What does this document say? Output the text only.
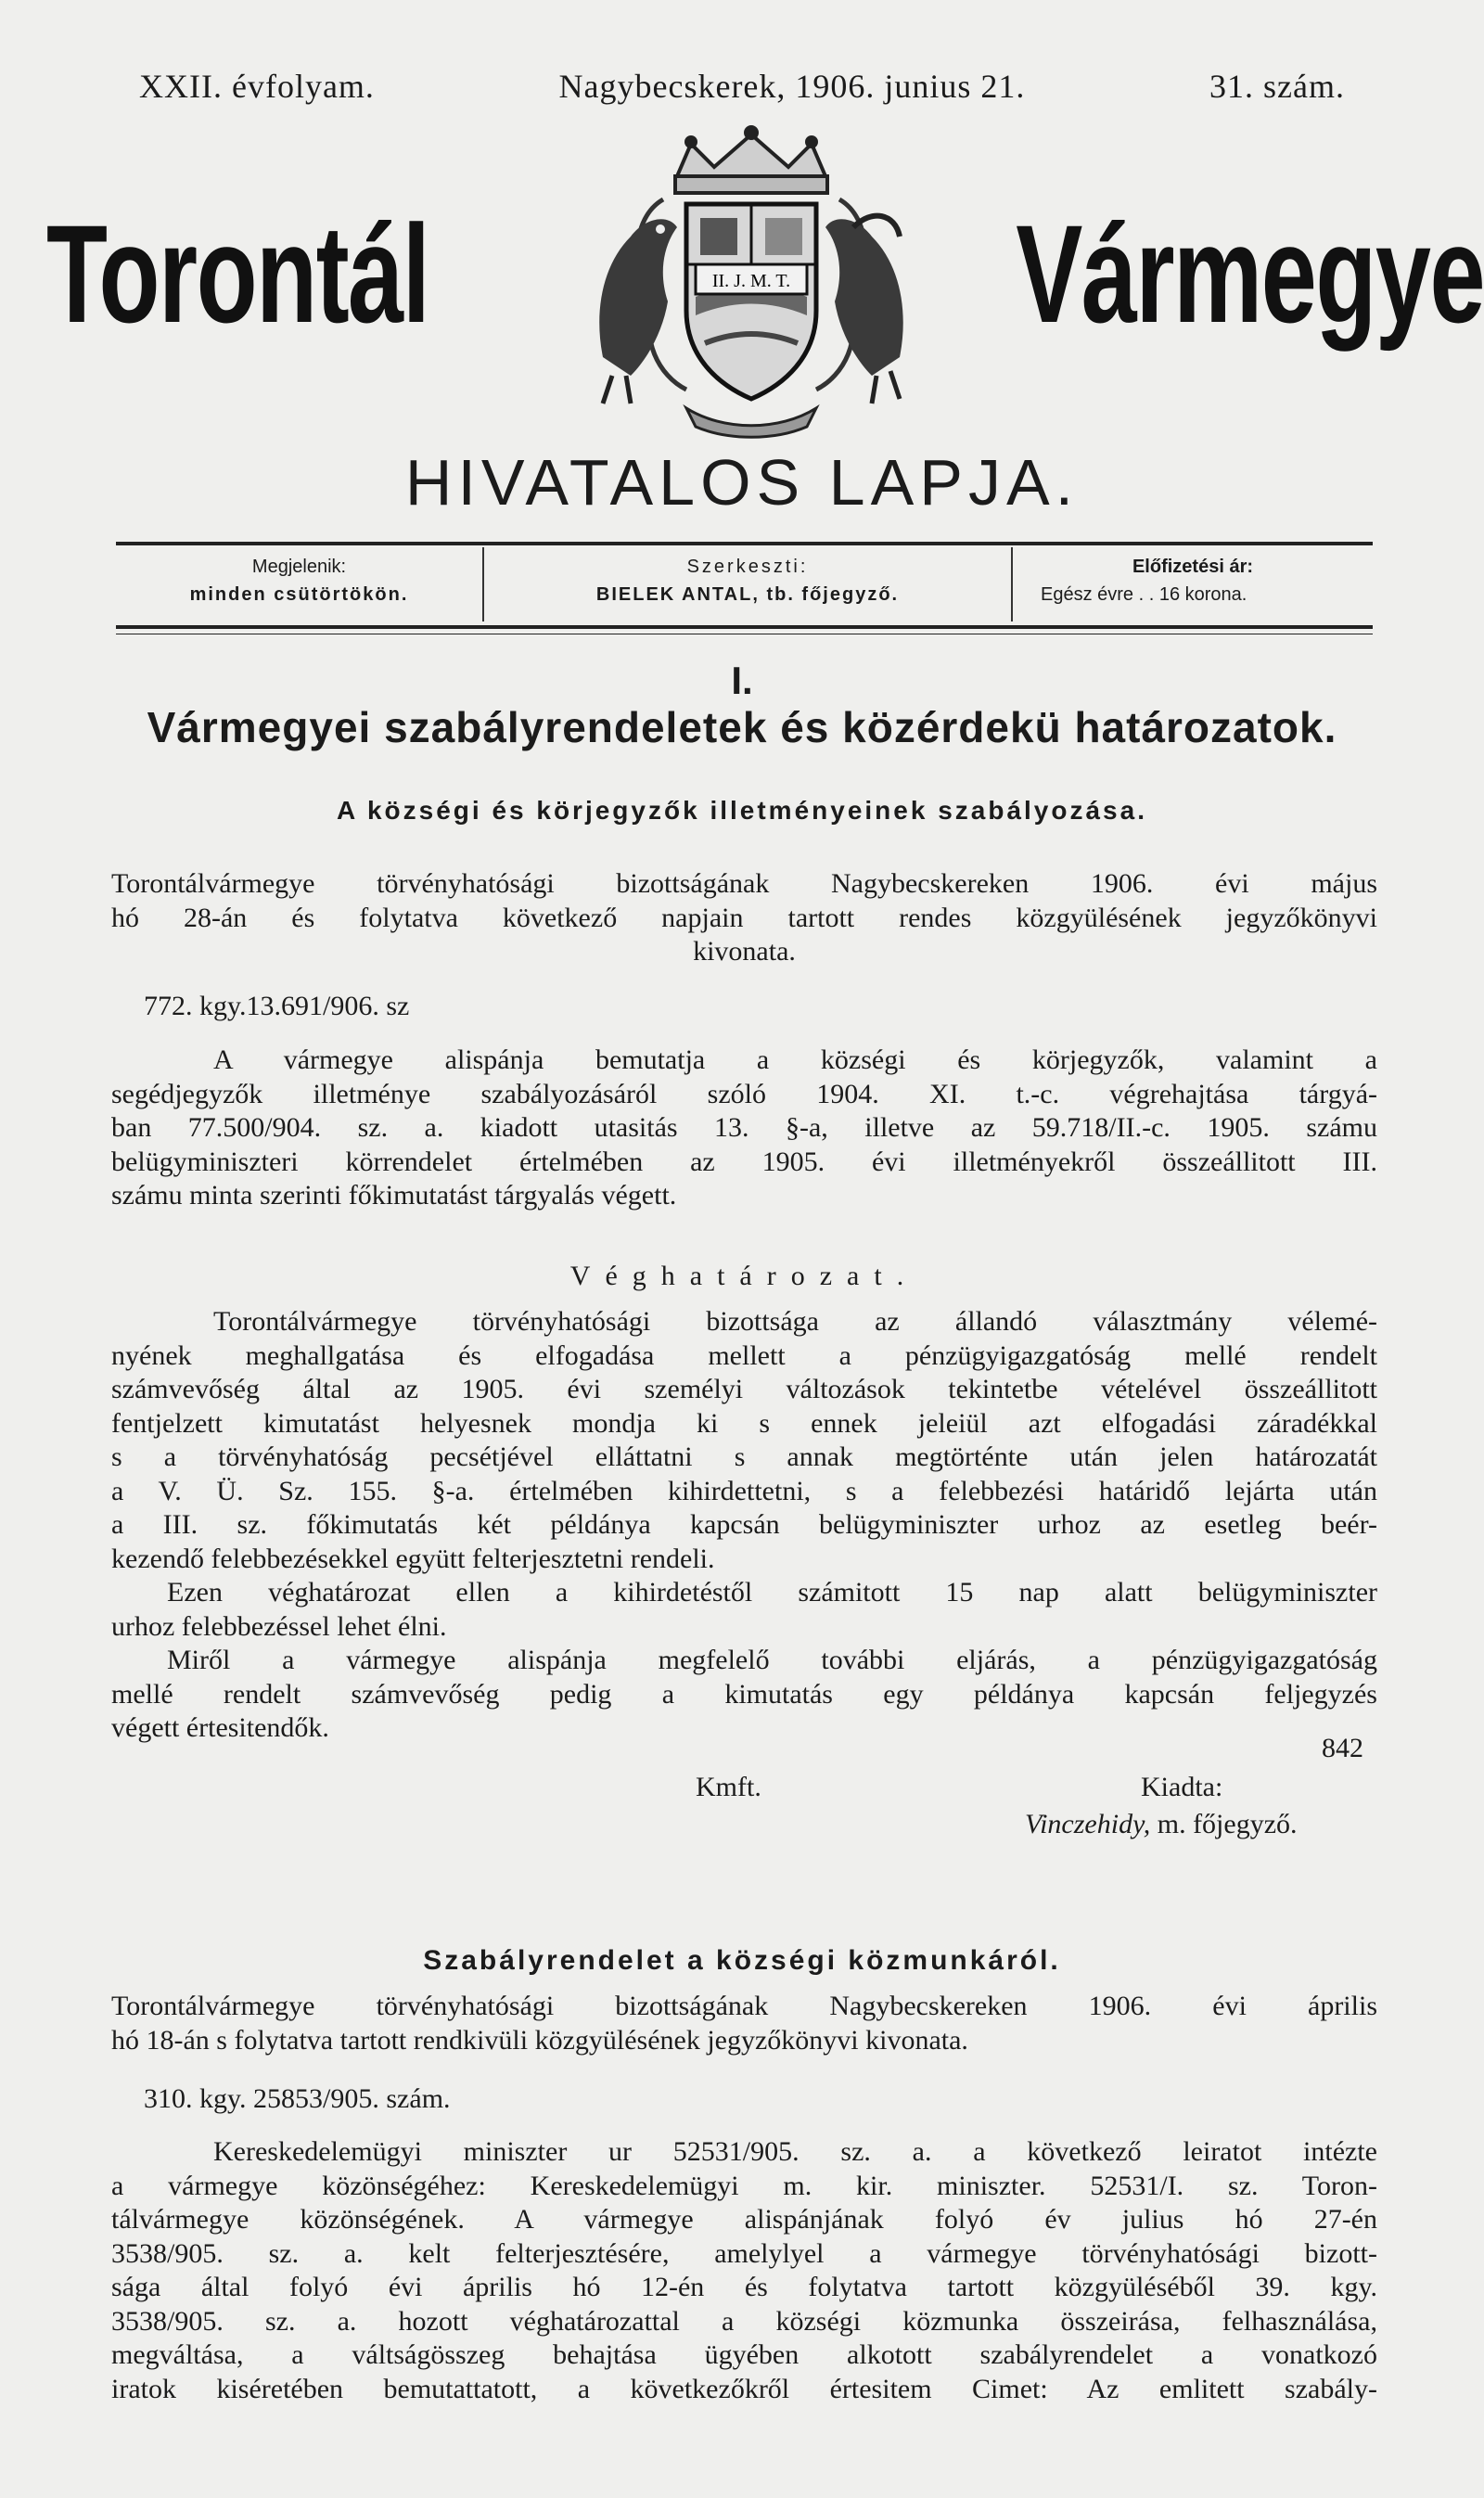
XXII. évfolyam.	Nagybecskerek, 1906. junius 21.	31. szám.
Torontál	II. J. M. T. Vármegye
HIVATALOS LAPJA.
Megjelenik:
minden csütörtökön.
Szerkeszti:
BIELEK ANTAL, tb. főjegyző.
Előfizetési ár:
Egész évre . . 16 korona.
I.
Vármegyei szabályrendeletek és közérdekü határozatok.
A községi és körjegyzők illetményeinek szabályozása.
Torontálvármegye törvényhatósági bizottságának Nagybecskereken 1906. évi május
hó 28-án és folytatva következő napjain tartott rendes közgyülésének jegyzőkönyvi
kivonata.
772. kgy.13.691/906. sz
A vármegye alispánja bemutatja a községi és körjegyzők, valamint a
segédjegyzők illetménye szabályozásáról szóló 1904. XI. t.-c. végrehajtása tárgyá-
ban 77.500/904. sz. a. kiadott utasitás 13. §-a, illetve az 59.718/II.-c. 1905. számu
belügyminiszteri körrendelet értelmében az 1905. évi illetményekről összeállitott III.
számu minta szerinti főkimutatást tárgyalás végett.
Véghatározat.
Torontálvármegye törvényhatósági bizottsága az állandó választmány vélemé-
nyének meghallgatása és elfogadása mellett a pénzügyigazgatóság mellé rendelt
számvevőség által az 1905. évi személyi változások tekintetbe vételével összeállitott
fentjelzett kimutatást helyesnek mondja ki s ennek jeleiül azt elfogadási záradékkal
s a törvényhatóság pecsétjével elláttatni s annak megtörténte után jelen határozatát
a V. Ü. Sz. 155. §-a. értelmében kihirdettetni, s a felebbezési határidő lejárta után
a III. sz. főkimutatás két példánya kapcsán belügyminiszter urhoz az esetleg beér-
kezendő felebbezésekkel együtt felterjesztetni rendeli.
Ezen véghatározat ellen a kihirdetéstől számitott 15 nap alatt belügyminiszter
urhoz felebbezéssel lehet élni.
Miről a vármegye alispánja megfelelő további eljárás, a pénzügyigazgatóság
mellé rendelt számvevőség pedig a kimutatás egy példánya kapcsán feljegyzés
végett értesitendők.
842
Kmft.	Kiadta:
Vinczehidy, m. főjegyző.
Szabályrendelet a községi közmunkáról.
Torontálvármegye törvényhatósági bizottságának Nagybecskereken 1906. évi április
hó 18-án s folytatva tartott rendkivüli közgyülésének jegyzőkönyvi kivonata.
310. kgy. 25853/905. szám.
Kereskedelemügyi miniszter ur 52531/905. sz. a. a következő leiratot intézte
a vármegye közönségéhez: Kereskedelemügyi m. kir. miniszter. 52531/I. sz. Toron-
tálvármegye közönségének. A vármegye alispánjának folyó év julius hó 27-én
3538/905. sz. a. kelt felterjesztésére, amelylyel a vármegye törvényhatósági bizott-
sága által folyó évi április hó 12-én és folytatva tartott közgyüléséből 39. kgy.
3538/905. sz. a. hozott véghatározattal a községi közmunka összeirása, felhasználása,
megváltása, a váltságösszeg behajtása ügyében alkotott szabályrendelet a vonatkozó
iratok kiséretében bemutattatott, a következőkről értesitem Cimet: Az emlitett szabály-
